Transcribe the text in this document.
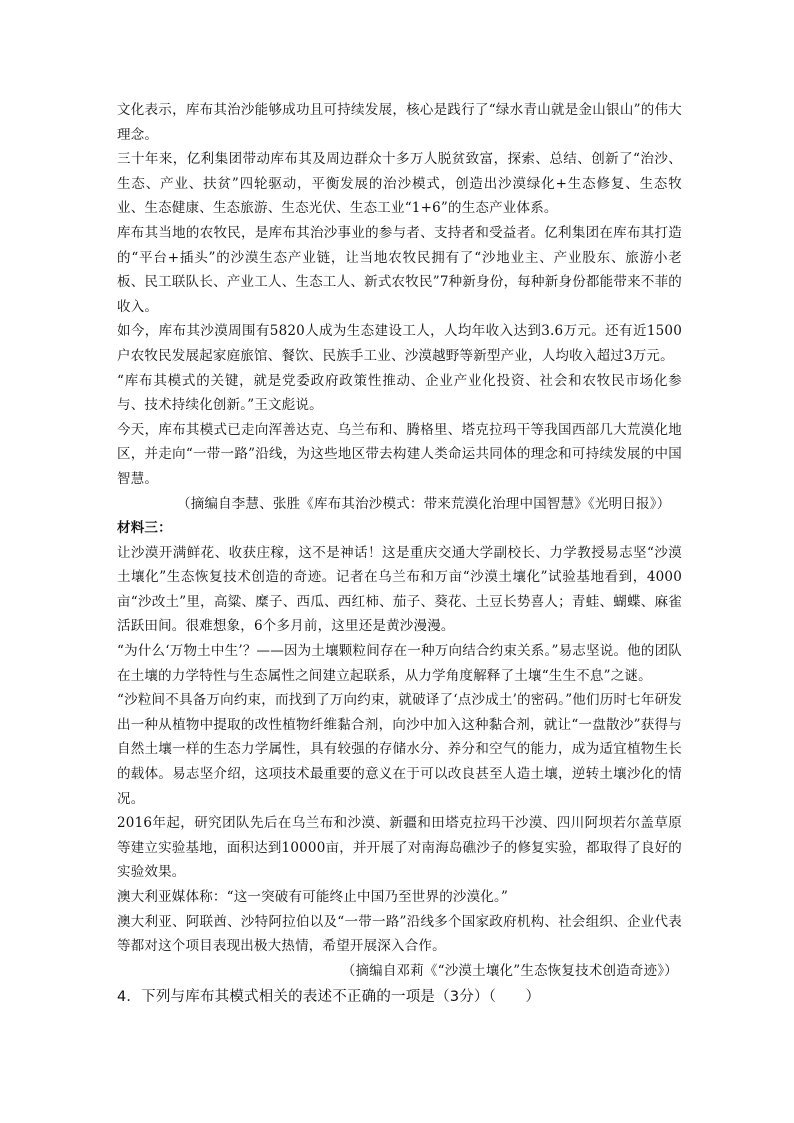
文化表示，库布其治沙能够成功且可持续发展，核心是践行了“绿水青山就是金山银山”的伟大理念。

三十年来，亿利集团带动库布其及周边群众十多万人脱贫致富，探索、总结、创新了“治沙、生态、产业、扶贫”四轮驱动，平衡发展的治沙模式，创造出沙漠绿化+生态修复、生态牧业、生态健康、生态旅游、生态光伏、生态工业“1+6”的生态产业体系。

库布其当地的农牧民，是库布其治沙事业的参与者、支持者和受益者。亿利集团在库布其打造的“平台+插头”的沙漠生态产业链，让当地农牧民拥有了“沙地业主、产业股东、旅游小老板、民工联队长、产业工人、生态工人、新式农牧民”7种新身份，每种新身份都能带来不菲的收入。

如今，库布其沙漠周围有5820人成为生态建设工人，人均年收入达到3.6万元。还有近1500户农牧民发展起家庭旅馆、餐饮、民族手工业、沙漠越野等新型产业，人均收入超过3万元。

“库布其模式的关键，就是党委政府政策性推动、企业产业化投资、社会和农牧民市场化参与、技术持续化创新。”王文彪说。

今天，库布其模式已走向浑善达克、乌兰布和、腾格里、塔克拉玛干等我国西部几大荒漠化地区，并走向“一带一路”沿线，为这些地区带去构建人类命运共同体的理念和可持续发展的中国智慧。

（摘编自李慧、张胜《库布其治沙模式：带来荒漠化治理中国智慧》《光明日报》）

材料三：

让沙漠开满鲜花、收获庄稼，这不是神话！这是重庆交通大学副校长、力学教授易志坚“沙漠土壤化”生态恢复技术创造的奇迹。记者在乌兰布和万亩“沙漠土壤化”试验基地看到，4000亩“沙改土”里，高粱、糜子、西瓜、西红柿、茄子、葵花、土豆长势喜人；青蛙、蝴蝶、麻雀活跃田间。很难想象，6个多月前，这里还是黄沙漫漫。

“为什么‘万物土中生’？——因为土壤颗粒间存在一种万向结合约束关系。”易志坚说。他的团队在土壤的力学特性与生态属性之间建立起联系，从力学角度解释了土壤“生生不息”之谜。

“沙粒间不具备万向约束，而找到了万向约束，就破译了‘点沙成土’的密码。”他们历时七年研发出一种从植物中提取的改性植物纤维黏合剂，向沙中加入这种黏合剂，就让“一盘散沙”获得与自然土壤一样的生态力学属性，具有较强的存储水分、养分和空气的能力，成为适宜植物生长的载体。易志坚介绍，这项技术最重要的意义在于可以改良甚至人造土壤，逆转土壤沙化的情况。

2016年起，研究团队先后在乌兰布和沙漠、新疆和田塔克拉玛干沙漠、四川阿坝若尔盖草原等建立实验基地，面积达到10000亩，并开展了对南海岛礁沙子的修复实验，都取得了良好的实验效果。

澳大利亚媒体称：“这一突破有可能终止中国乃至世界的沙漠化。”

澳大利亚、阿联酋、沙特阿拉伯以及“一带一路”沿线多个国家政府机构、社会组织、企业代表等都对这个项目表现出极大热情，希望开展深入合作。

（摘编自邓莉《“沙漠土壤化”生态恢复技术创造奇迹》）

4．下列与库布其模式相关的表述不正确的一项是（3分）（　　）
